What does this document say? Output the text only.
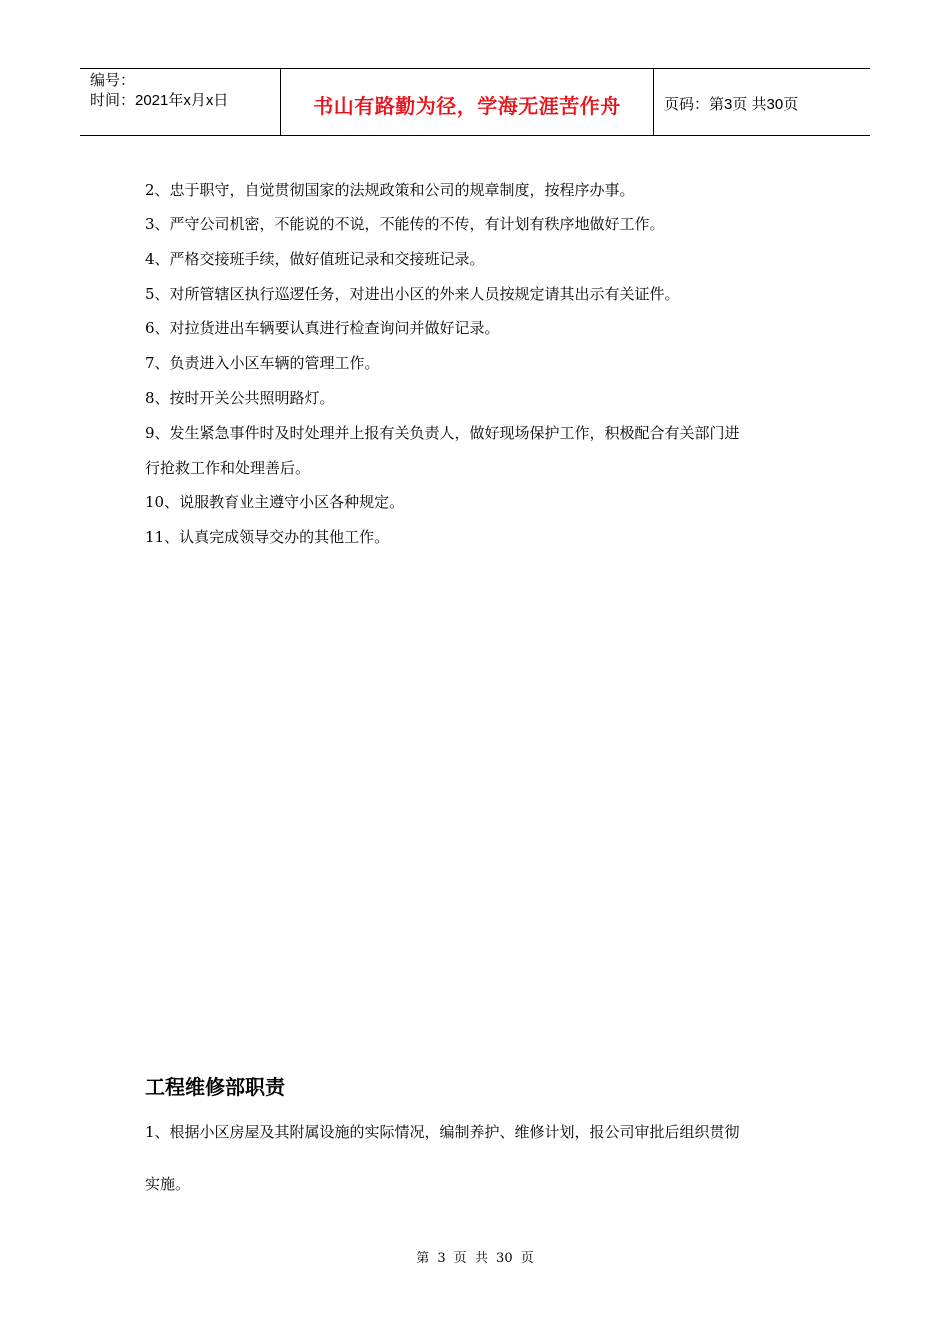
编号：
时间：2021年x月x日	书山有路勤为径，学海无涯苦作舟	页码：第3页 共30页
2、忠于职守，自觉贯彻国家的法规政策和公司的规章制度，按程序办事。
3、严守公司机密，不能说的不说，不能传的不传，有计划有秩序地做好工作。
4、严格交接班手续，做好值班记录和交接班记录。
5、对所管辖区执行巡逻任务，对进出小区的外来人员按规定请其出示有关证件。
6、对拉货进出车辆要认真进行检查询问并做好记录。
7、负责进入小区车辆的管理工作。
8、按时开关公共照明路灯。
9、发生紧急事件时及时处理并上报有关负责人，做好现场保护工作，积极配合有关部门进
行抢救工作和处理善后。
10、说服教育业主遵守小区各种规定。
11、认真完成领导交办的其他工作。
工程维修部职责
1、根据小区房屋及其附属设施的实际情况，编制养护、维修计划，报公司审批后组织贯彻
实施。
第 3 页 共 30 页
